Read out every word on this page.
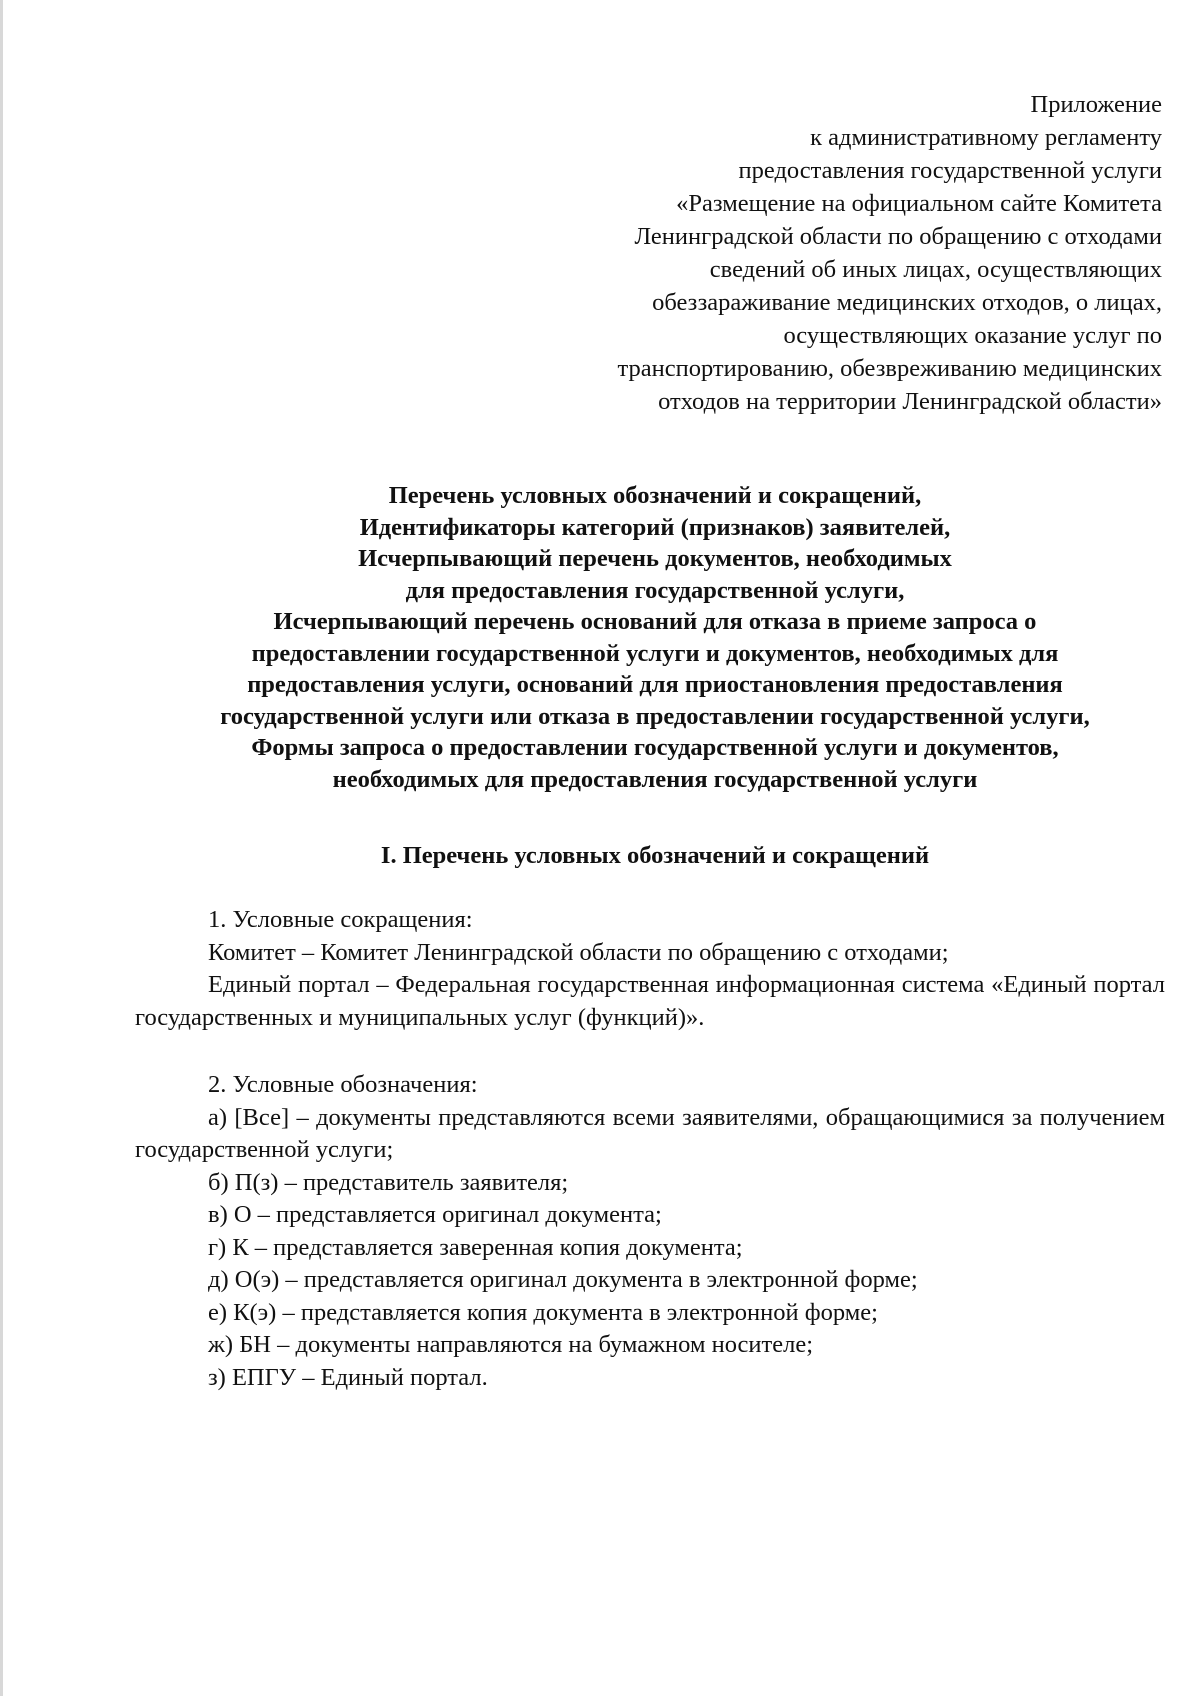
Приложение
к административному регламенту
предоставления государственной услуги
«Размещение на официальном сайте Комитета
Ленинградской области по обращению с отходами
сведений об иных лицах, осуществляющих
обеззараживание медицинских отходов, о лицах,
осуществляющих оказание услуг по
транспортированию, обезвреживанию медицинских
отходов на территории Ленинградской области»
Перечень условных обозначений и сокращений,
Идентификаторы категорий (признаков) заявителей,
Исчерпывающий перечень документов, необходимых
для предоставления государственной услуги,
Исчерпывающий перечень оснований для отказа в приеме запроса о
предоставлении государственной услуги и документов, необходимых для
предоставления услуги, оснований для приостановления предоставления
государственной услуги или отказа в предоставлении государственной услуги,
Формы запроса о предоставлении государственной услуги и документов,
необходимых для предоставления государственной услуги
I. Перечень условных обозначений и сокращений
1. Условные сокращения:
Комитет – Комитет Ленинградской области по обращению с отходами;
Единый портал – Федеральная государственная информационная система «Единый портал государственных и муниципальных услуг (функций)».
2. Условные обозначения:
а) [Все] – документы представляются всеми заявителями, обращающимися за получением государственной услуги;
б) П(з) – представитель заявителя;
в) О – представляется оригинал документа;
г) К – представляется заверенная копия документа;
д) О(э) – представляется оригинал документа в электронной форме;
е) К(э) – представляется копия документа в электронной форме;
ж) БН – документы направляются на бумажном носителе;
з) ЕПГУ – Единый портал.
